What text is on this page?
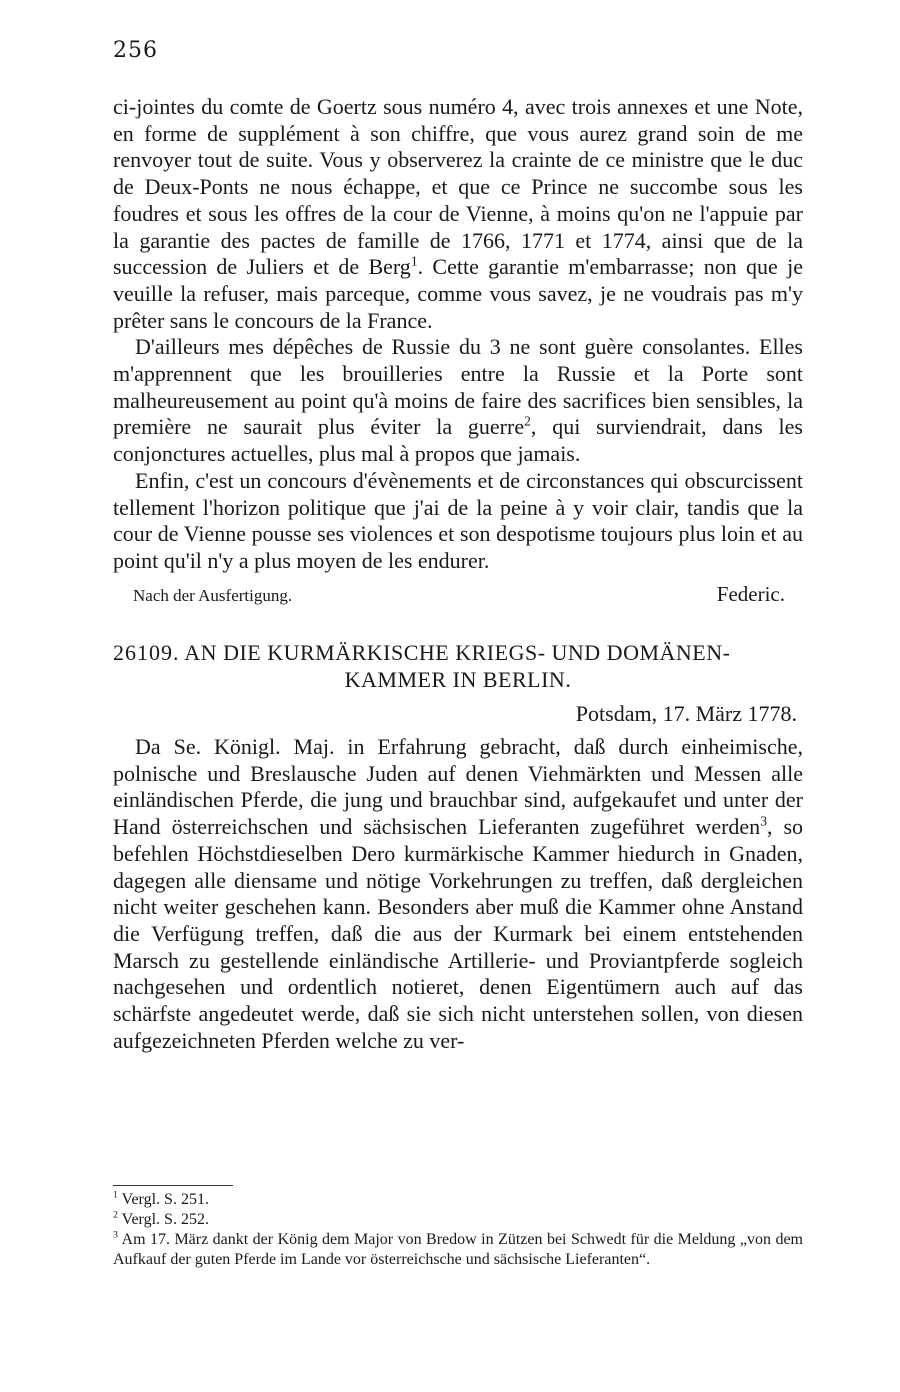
256

ci-jointes du comte de Goertz sous numéro 4, avec trois annexes et une Note, en forme de supplément à son chiffre, que vous aurez grand soin de me renvoyer tout de suite. Vous y observerez la crainte de ce ministre que le duc de Deux-Ponts ne nous échappe, et que ce Prince ne succombe sous les foudres et sous les offres de la cour de Vienne, à moins qu'on ne l'appuie par la garantie des pactes de famille de 1766, 1771 et 1774, ainsi que de la succession de Juliers et de Berg$^1$. Cette garantie m'embarrasse; non que je veuille la refuser, mais parceque, comme vous savez, je ne voudrais pas m'y prêter sans le concours de la France.

D'ailleurs mes dépêches de Russie du 3 ne sont guère consolantes. Elles m'apprennent que les brouilleries entre la Russie et la Porte sont malheureusement au point qu'à moins de faire des sacrifices bien sensibles, la première ne saurait plus éviter la guerre$^2$, qui surviendrait, dans les conjonctures actuelles, plus mal à propos que jamais.

Enfin, c'est un concours d'évènements et de circonstances qui obscurcissent tellement l'horizon politique que j'ai de la peine à y voir clair, tandis que la cour de Vienne pousse ses violences et son despotisme toujours plus loin et au point qu'il n'y a plus moyen de les endurer.

Nach der Ausfertigung.	Federic.
26109. AN DIE KURMÄRKISCHE KRIEGS- UND DOMÄNEN-
KAMMER IN BERLIN.
Potsdam, 17. März 1778.

Da Se. Königl. Maj. in Erfahrung gebracht, daß durch einheimische, polnische und Breslausche Juden auf denen Viehmärkten und Messen alle einländischen Pferde, die jung und brauchbar sind, aufgekaufet und unter der Hand österreichschen und sächsischen Lieferanten zugeführet werden$^3$, so befehlen Höchstdieselben Dero kurmärkische Kammer hiedurch in Gnaden, dagegen alle diensame und nötige Vorkehrungen zu treffen, daß dergleichen nicht weiter geschehen kann. Besonders aber muß die Kammer ohne Anstand die Verfügung treffen, daß die aus der Kurmark bei einem entstehenden Marsch zu gestellende einländische Artillerie- und Proviantpferde sogleich nachgesehen und ordentlich notieret, denen Eigentümern auch auf das schärfste angedeutet werde, daß sie sich nicht unterstehen sollen, von diesen aufgezeichneten Pferden welche zu ver-

$^1$ Vergl. S. 251.

$^2$ Vergl. S. 252.

$^3$ Am 17. März dankt der König dem Major von Bredow in Zützen bei Schwedt für die Meldung „von dem Aufkauf der guten Pferde im Lande vor österreichsche und sächsische Lieferanten“.
